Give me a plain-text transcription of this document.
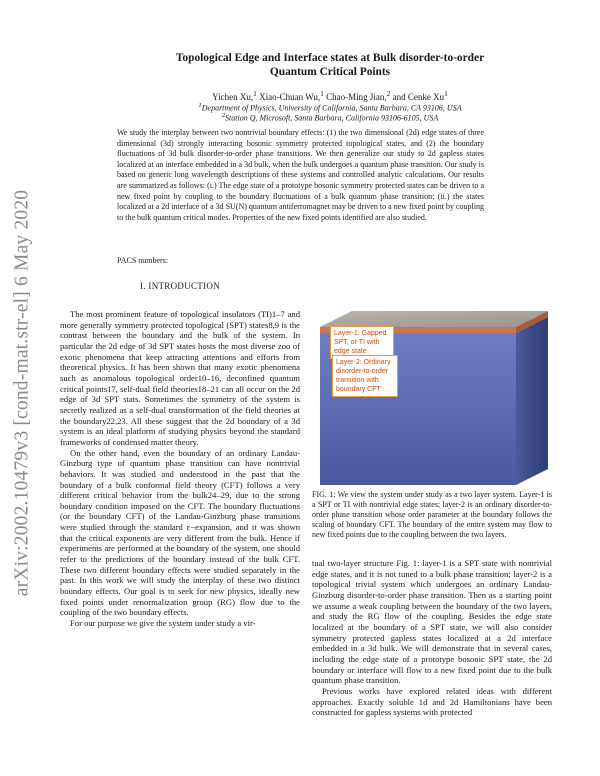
arXiv:2002.10479v3 [cond-mat.str-el] 6 May 2020
Topological Edge and Interface states at Bulk disorder-to-order
Quantum Critical Points
Yichen Xu,$^1$ Xiao-Chuan Wu,$^1$ Chao-Ming Jian,$^2$ and Cenke Xu$^1$
$^1$Department of Physics, University of California, Santa Barbara, CA 93106, USA
$^2$Station Q, Microsoft, Santa Barbara, California 93106-6105, USA

We study the interplay between two nontrivial boundary effects: (1) the two dimensional (2d) edge states of three dimensional (3d) strongly interacting bosonic symmetry protected topological states, and (2) the boundary fluctuations of 3d bulk disorder-to-order phase transitions. We then generalize our study to 2d gapless states localized at an interface embedded in a 3d bulk, when the bulk undergoes a quantum phase transition. Our study is based on generic long wavelength descriptions of these systems and controlled analytic calculations. Our results are summarized as follows: (i.) The edge state of a prototype bosonic symmetry protected states can be driven to a new fixed point by coupling to the boundary fluctuations of a bulk quantum phase transition; (ii.) the states localized at a 2d interface of a 3d SU(N) quantum antiferromagnet may be driven to a new fixed point by coupling to the bulk quantum critical modes. Properties of the new fixed points identified are also studied.

PACS numbers:
I. INTRODUCTION

The most prominent feature of topological insulators (TI)1–7 and more generally symmetry protected topological (SPT) states8,9 is the contrast between the boundary and the bulk of the system. In particular the 2d edge of 3d SPT states hosts the most diverse zoo of exotic phenomena that keep attracting attentions and efforts from theoretical physics. It has been shown that many exotic phenomena such as anomalous topological order10–16, deconfined quantum critical points17, self-dual field theories18–21 can all occur on the 2d edge of 3d SPT stats. Sometimes the symmetry of the system is secretly realized as a self-dual transformation of the field theories at the boundary22,23. All these suggest that the 2d boundary of a 3d system is an ideal platform of studying physics beyond the standard frameworks of condensed matter theory.

On the other hand, even the boundary of an ordinary Landau-Ginzburg type of quantum phase transition can have nontrivial behaviors. It was studied and understood in the past that the boundary of a bulk conformal field theory (CFT) follows a very different critical behavior from the bulk24–29, due to the strong boundary condition imposed on the CFT. The boundary fluctuations (or the boundary CFT) of the Landau-Ginzburg phase transitions were studied through the standard ε−expansion, and it was shown that the critical exponents are very different from the bulk. Hence if experiments are performed at the boundary of the system, one should refer to the predictions of the boundary instead of the bulk CFT. These two different boundary effects were studied separately in the past. In this work we will study the interplay of these two distinct boundary effects. Our goal is to seek for new physics, ideally new fixed points under renormalization group (RG) flow due to the coupling of the two boundary effects.

For our purpose we give the system under study a vir-

Layer-1: Gapped SPT, or TI with edge state
Layer-2: Ordinary disorder-to-order transition with boundary CFT
FIG. 1: We view the system under study as a two layer system. Layer-1 is a SPT or TI with nontrivial edge states; layer-2 is an ordinary disorder-to-order phase transition whose order parameter at the boundary follows the scaling of boundary CFT. The boundary of the entire system may flow to new fixed points due to the coupling between the two layers.

tual two-layer structure Fig. 1: layer-1 is a SPT state with nontrivial edge states, and it is not tuned to a bulk phase transition; layer-2 is a topological trivial system which undergoes an ordinary Landau-Ginzburg disorder-to-order phase transition. Then as a starting point we assume a weak coupling between the boundary of the two layers, and study the RG flow of the coupling. Besides the edge state localized at the boundary of a SPT state, we will also consider symmetry protected gapless states localized at a 2d interface embedded in a 3d bulk. We will demonstrate that in several cases, including the edge state of a prototype bosonic SPT state, the 2d boundary or interface will flow to a new fixed point due to the bulk quantum phase transition.

Previous works have explored related ideas with different approaches. Exactly soluble 1d and 2d Hamiltonians have been constructed for gapless systems with protected
